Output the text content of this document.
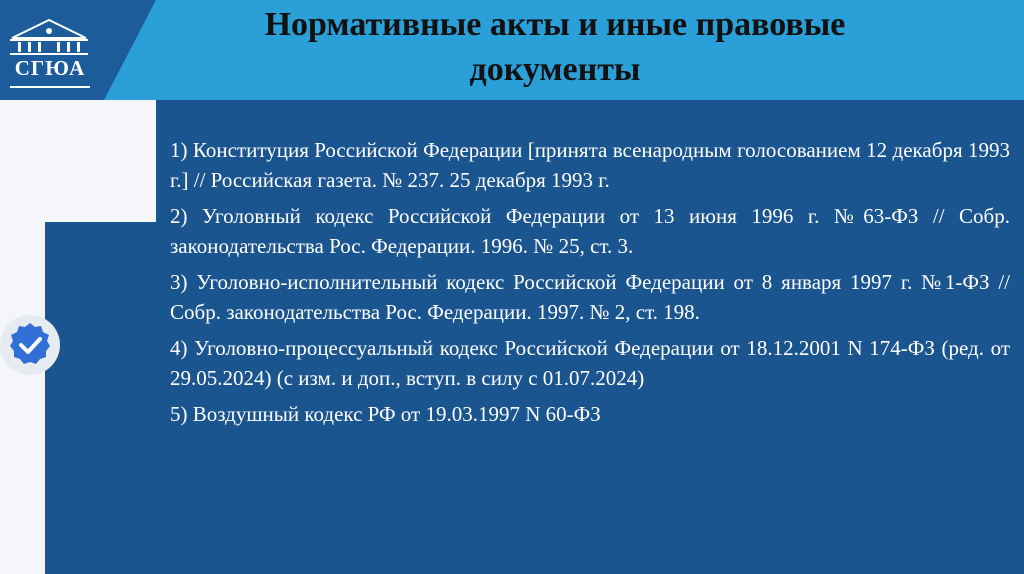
СГЮА
Нормативные акты и иные правовые документы

1) Конституция Российской Федерации [принята всенародным голосованием 12 декабря 1993 г.] // Российская газета. № 237. 25 декабря 1993 г.

2) Уголовный кодекс Российской Федерации от 13 июня 1996 г. №63-ФЗ // Собр. законодательства Рос. Федерации. 1996. № 25, ст. 3.

3) Уголовно-исполнительный кодекс Российской Федерации от 8 января 1997 г. №1-ФЗ // Собр. законодательства Рос. Федерации. 1997. № 2, ст. 198.

4) Уголовно-процессуальный кодекс Российской Федерации от 18.12.2001 N 174-ФЗ (ред. от 29.05.2024) (с изм. и доп., вступ. в силу с 01.07.2024)

5) Воздушный кодекс РФ от 19.03.1997 N 60-ФЗ
